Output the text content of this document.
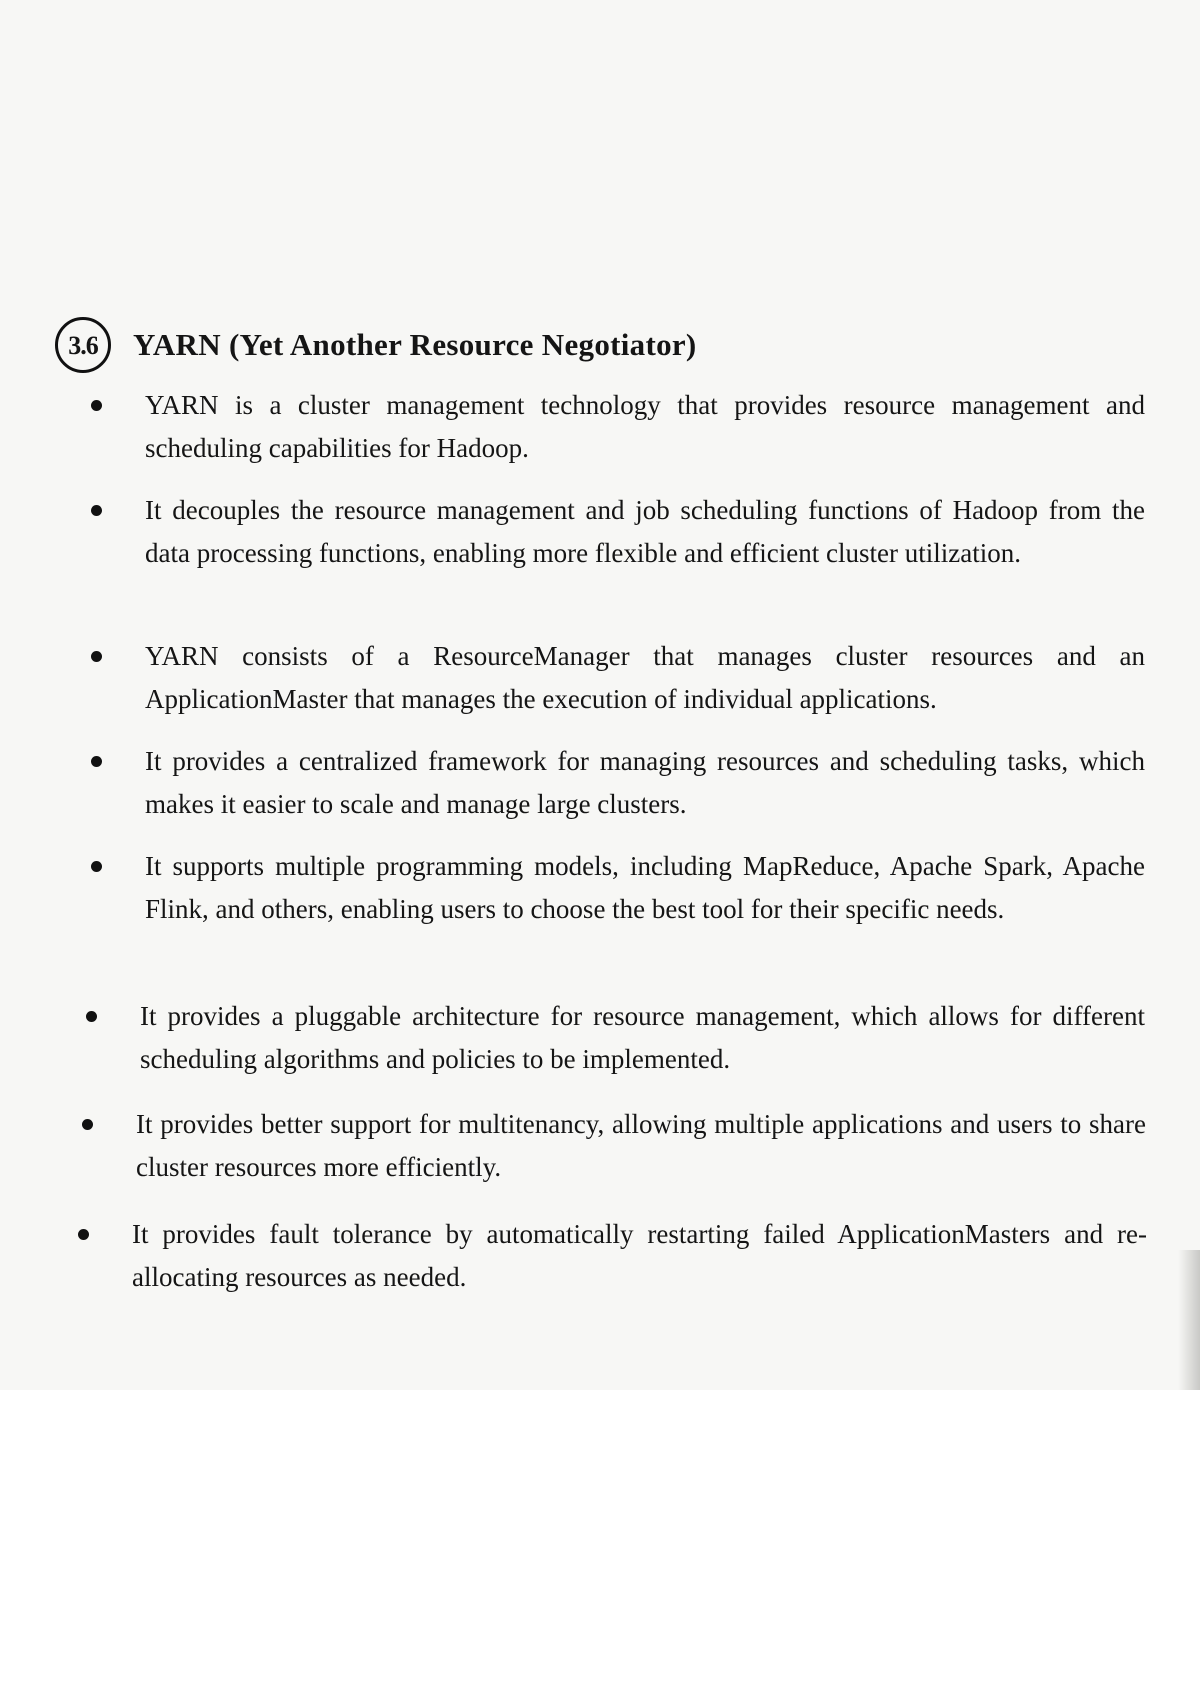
3.6	YARN (Yet Another Resource Negotiator)
YARN is a cluster management technology that provides resource management and scheduling capabilities for Hadoop.
It decouples the resource management and job scheduling functions of Hadoop from the data processing functions, enabling more flexible and efficient cluster utilization.
YARN consists of a ResourceManager that manages cluster resources and an ApplicationMaster that manages the execution of individual applications.
It provides a centralized framework for managing resources and scheduling tasks, which makes it easier to scale and manage large clusters.
It supports multiple programming models, including MapReduce, Apache Spark, Apache Flink, and others, enabling users to choose the best tool for their specific needs.
It provides a pluggable architecture for resource management, which allows for different scheduling algorithms and policies to be implemented.
It provides better support for multitenancy, allowing multiple applications and users to share cluster resources more efficiently.
It provides fault tolerance by automatically restarting failed ApplicationMasters and re-allocating resources as needed.
